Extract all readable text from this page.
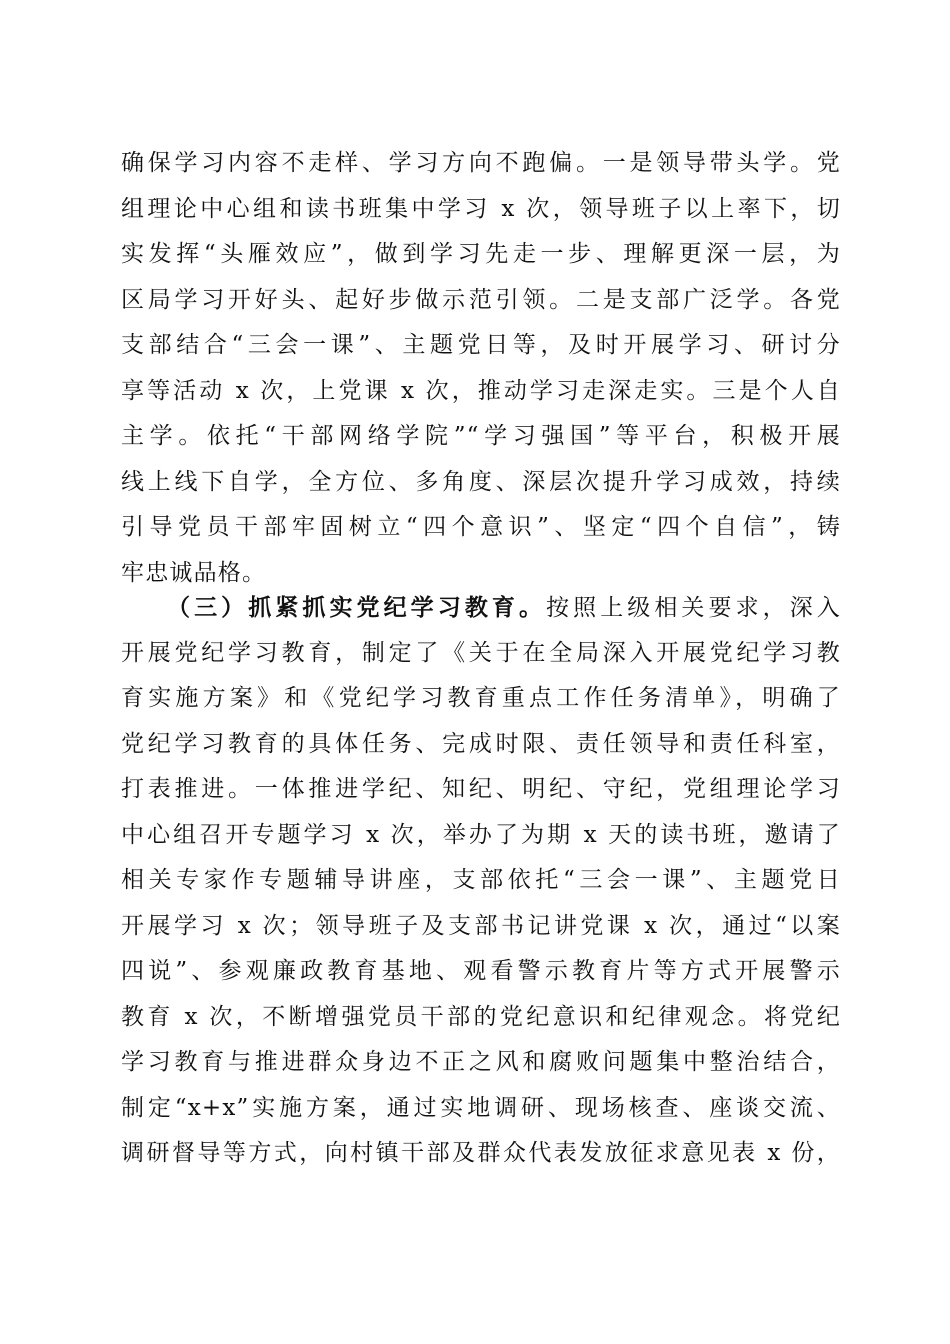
确保学习内容不走样、学习方向不跑偏。一是领导带头学。党
组理论中心组和读书班集中学习 x 次，领导班子以上率下，切
实发挥“头雁效应”，做到学习先走一步、理解更深一层，为
区局学习开好头、起好步做示范引领。二是支部广泛学。各党
支部结合“三会一课”、主题党日等，及时开展学习、研讨分
享等活动 x 次，上党课 x 次，推动学习走深走实。三是个人自
主学。依托“干部网络学院”“学习强国”等平台，积极开展
线上线下自学，全方位、多角度、深层次提升学习成效，持续
引导党员干部牢固树立“四个意识”、坚定“四个自信”，铸
牢忠诚品格。
（三）抓紧抓实党纪学习教育。按照上级相关要求，深入
开展党纪学习教育，制定了《关于在全局深入开展党纪学习教
育实施方案》和《党纪学习教育重点工作任务清单》，明确了
党纪学习教育的具体任务、完成时限、责任领导和责任科室，
打表推进。一体推进学纪、知纪、明纪、守纪，党组理论学习
中心组召开专题学习 x 次，举办了为期 x 天的读书班，邀请了
相关专家作专题辅导讲座，支部依托“三会一课”、主题党日
开展学习 x 次；领导班子及支部书记讲党课 x 次，通过“以案
四说”、参观廉政教育基地、观看警示教育片等方式开展警示
教育 x 次，不断增强党员干部的党纪意识和纪律观念。将党纪
学习教育与推进群众身边不正之风和腐败问题集中整治结合，
制定“x+x”实施方案，通过实地调研、现场核查、座谈交流、
调研督导等方式，向村镇干部及群众代表发放征求意见表 x 份，
